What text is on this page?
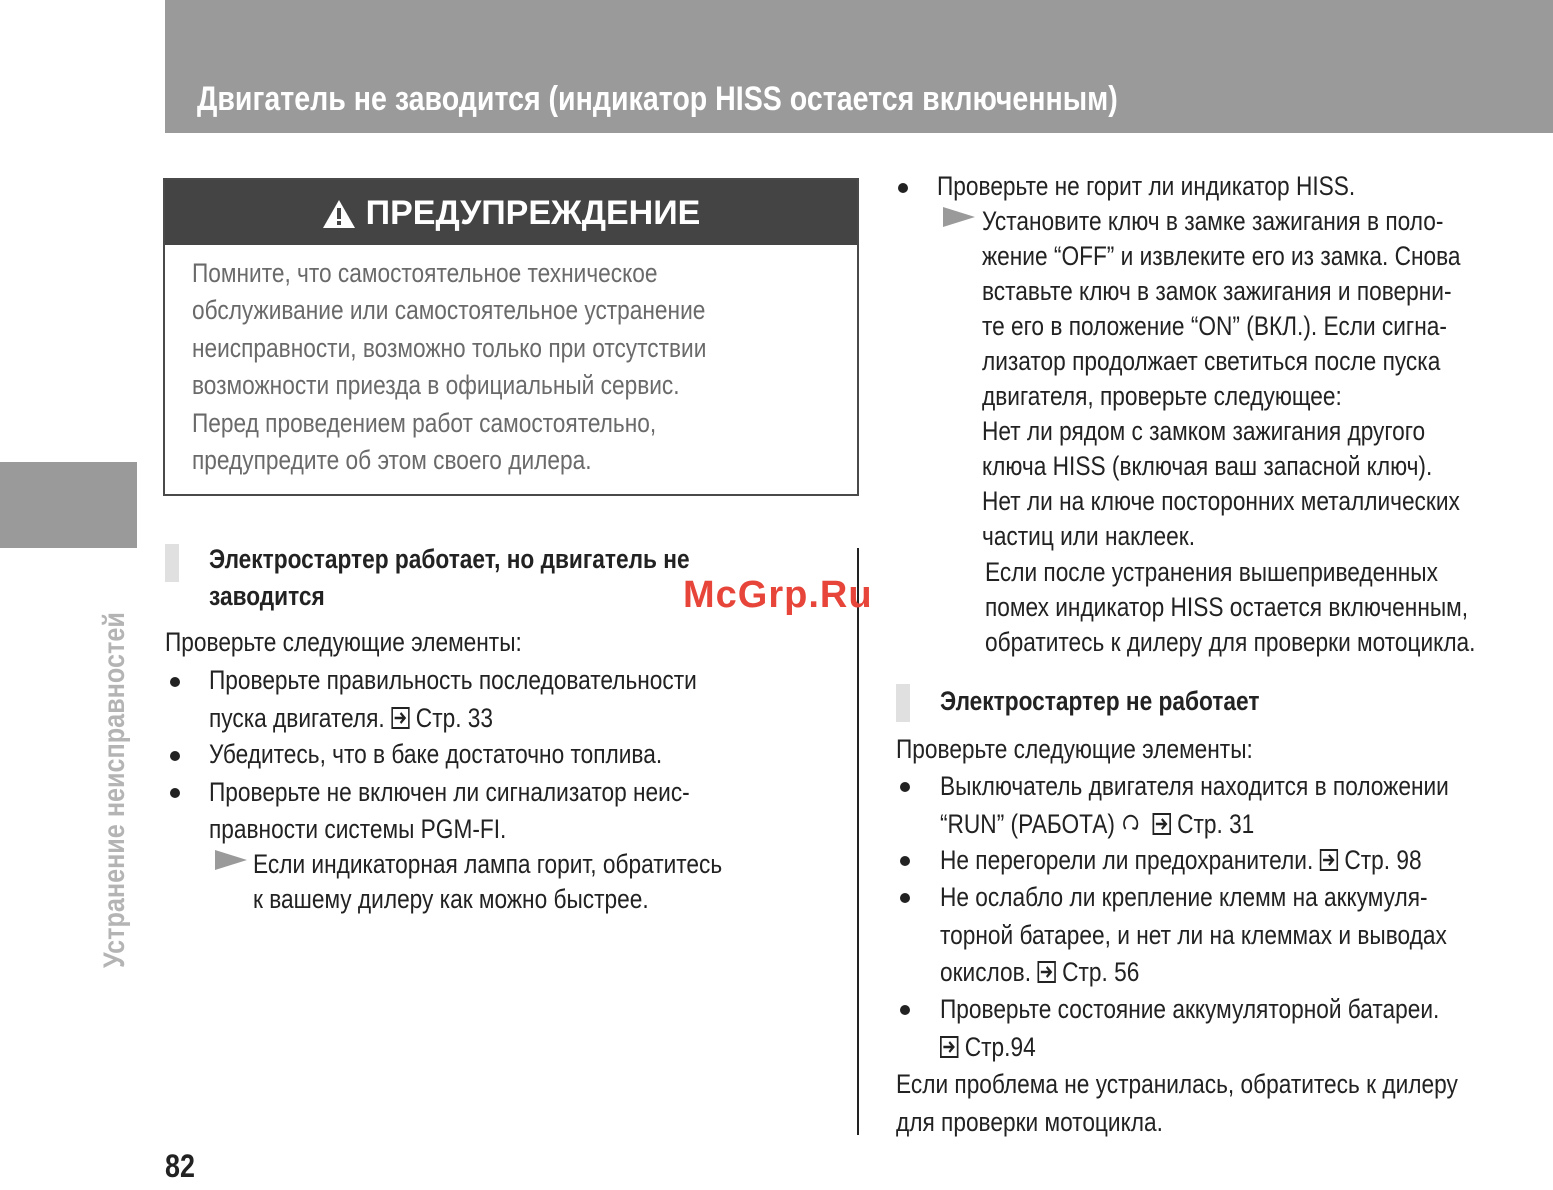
Двигатель не заводится (индикатор HISS остается включенным)
Устранение неисправностей
ПРЕДУПРЕЖДЕНИЕ
Помните, что самостоятельное техническое
обслуживание или самостоятельное устранение
неисправности, возможно только при отсутствии
возможности приезда в официальный сервис.
Перед проведением работ самостоятельно,
предупредите об этом своего дилера.
Электростартер работает, но двигатель не
заводится
Проверьте следующие элементы:
Проверьте правильность последовательности
пуска двигателя. Стр. 33
Убедитесь, что в баке достаточно топлива.
Проверьте не включен ли сигнализатор неис-
правности системы PGM-FI.
Если индикаторная лампа горит, обратитесь
к вашему дилеру как можно быстрее.
Проверьте не горит ли индикатор HISS.
Установите ключ в замке зажигания в поло-
жение “OFF” и извлеките его из замка. Снова
вставьте ключ в замок зажигания и поверни-
те его в положение “ON” (ВКЛ.). Если сигна-
лизатор продолжает светиться после пуска
двигателя, проверьте следующее:
Нет ли рядом с замком зажигания другого
ключа HISS (включая ваш запасной ключ).
Нет ли на ключе посторонних металлических
частиц или наклеек.
Если после устранения вышеприведенных
помех индикатор HISS остается включенным,
обратитесь к дилеру для проверки мотоцикла.
McGrp.Ru
Электростартер не работает
Проверьте следующие элементы:
Выключатель двигателя находится в положении
“RUN” (РАБОТА) Стр. 31
Не перегорели ли предохранители. Стр. 98
Не ослабло ли крепление клемм на аккумуля-
торной батарее, и нет ли на клеммах и выводах
окислов. Стр. 56
Проверьте состояние аккумуляторной батареи.
Стр.94
Если проблема не устранилась, обратитесь к дилеру
для проверки мотоцикла.
82
